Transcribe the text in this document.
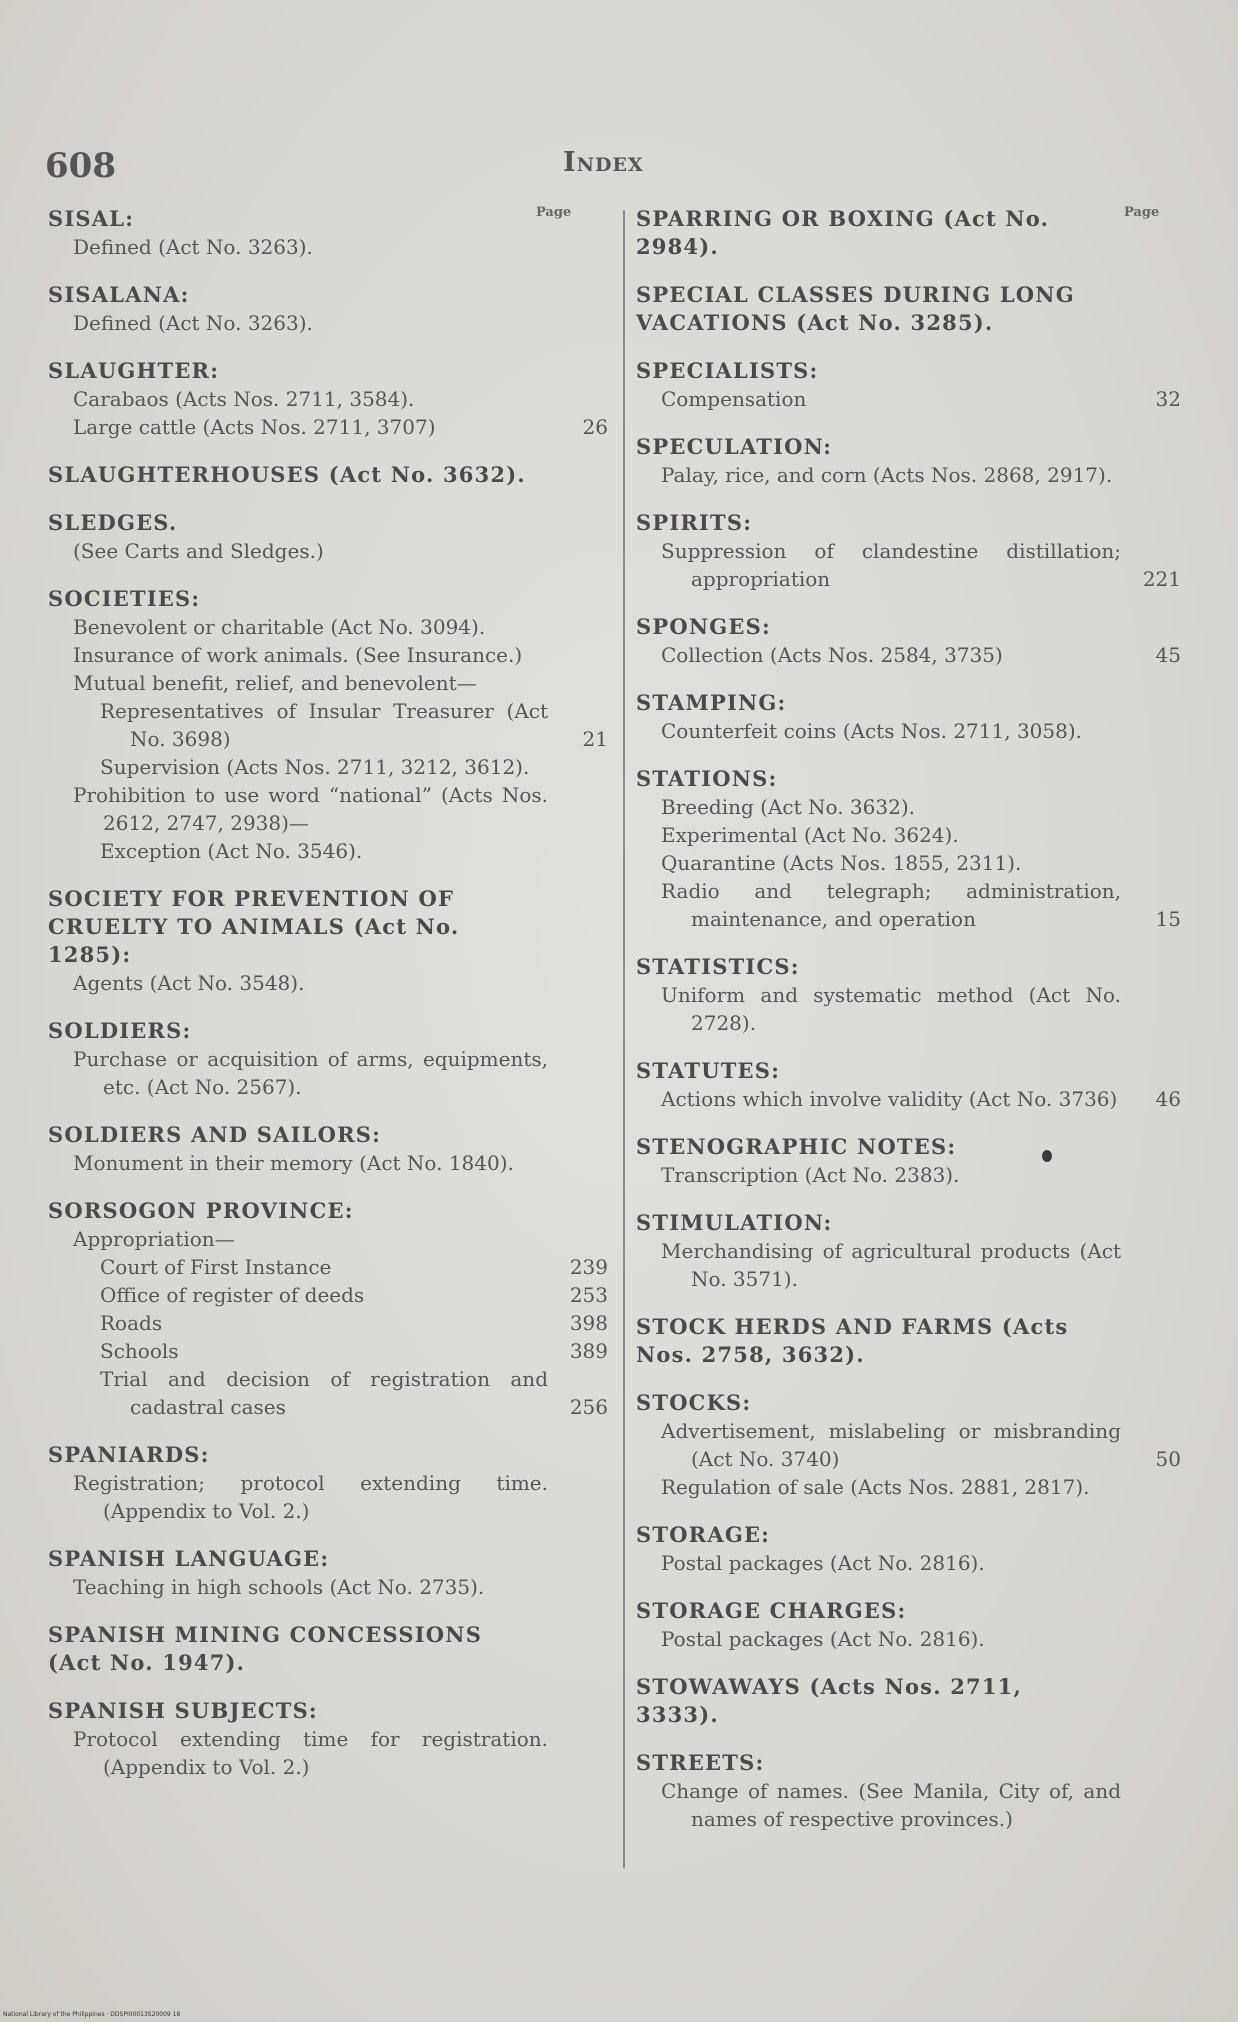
608	Index
Page
SISAL:
Defined (Act No. 3263).
SISALANA:
Defined (Act No. 3263).
SLAUGHTER:
Carabaos (Acts Nos. 2711, 3584).
Large cattle (Acts Nos. 2711, 3707)	26
SLAUGHTERHOUSES (Act No. 3632).
SLEDGES.
(See Carts and Sledges.)
SOCIETIES:
Benevolent or charitable (Act No. 3094).
Insurance of work animals. (See Insurance.)
Mutual benefit, relief, and benevolent—
Representatives of Insular Treasurer (Act No. 3698)	21
Supervision (Acts Nos. 2711, 3212, 3612).
Prohibition to use word “national” (Acts Nos. 2612, 2747, 2938)—
Exception (Act No. 3546).
SOCIETY FOR PREVENTION OF CRUELTY TO ANIMALS (Act No. 1285):
Agents (Act No. 3548).
SOLDIERS:
Purchase or acquisition of arms, equipments, etc. (Act No. 2567).
SOLDIERS AND SAILORS:
Monument in their memory (Act No. 1840).
SORSOGON PROVINCE:
Appropriation—
Court of First Instance	239
Office of register of deeds	253
Roads	398
Schools	389
Trial and decision of registration and cadastral cases	256
SPANIARDS:
Registration; protocol extending time. (Appendix to Vol. 2.)
SPANISH LANGUAGE:
Teaching in high schools (Act No. 2735).
SPANISH MINING CONCESSIONS (Act No. 1947).
SPANISH SUBJECTS:
Protocol extending time for registration. (Appendix to Vol. 2.)
Page
SPARRING OR BOXING (Act No. 2984).
SPECIAL CLASSES DURING LONG VACATIONS (Act No. 3285).
SPECIALISTS:
Compensation	32
SPECULATION:
Palay, rice, and corn (Acts Nos. 2868, 2917).
SPIRITS:
Suppression of clandestine distillation; appropriation	221
SPONGES:
Collection (Acts Nos. 2584, 3735)	45
STAMPING:
Counterfeit coins (Acts Nos. 2711, 3058).
STATIONS:
Breeding (Act No. 3632).
Experimental (Act No. 3624).
Quarantine (Acts Nos. 1855, 2311).
Radio and telegraph; administration, maintenance, and operation	15
STATISTICS:
Uniform and systematic method (Act No. 2728).
STATUTES:
Actions which involve validity (Act No. 3736)	46
STENOGRAPHIC NOTES:
Transcription (Act No. 2383).
STIMULATION:
Merchandising of agricultural products (Act No. 3571).
STOCK HERDS AND FARMS (Acts Nos. 2758, 3632).
STOCKS:
Advertisement, mislabeling or misbranding (Act No. 3740)	50
Regulation of sale (Acts Nos. 2881, 2817).
STORAGE:
Postal packages (Act No. 2816).
STORAGE CHARGES:
Postal packages (Act No. 2816).
STOWAWAYS (Acts Nos. 2711, 3333).
STREETS:
Change of names. (See Manila, City of, and names of respective provinces.)
National Library of the Philippines · DDSPI00013S20009 18
